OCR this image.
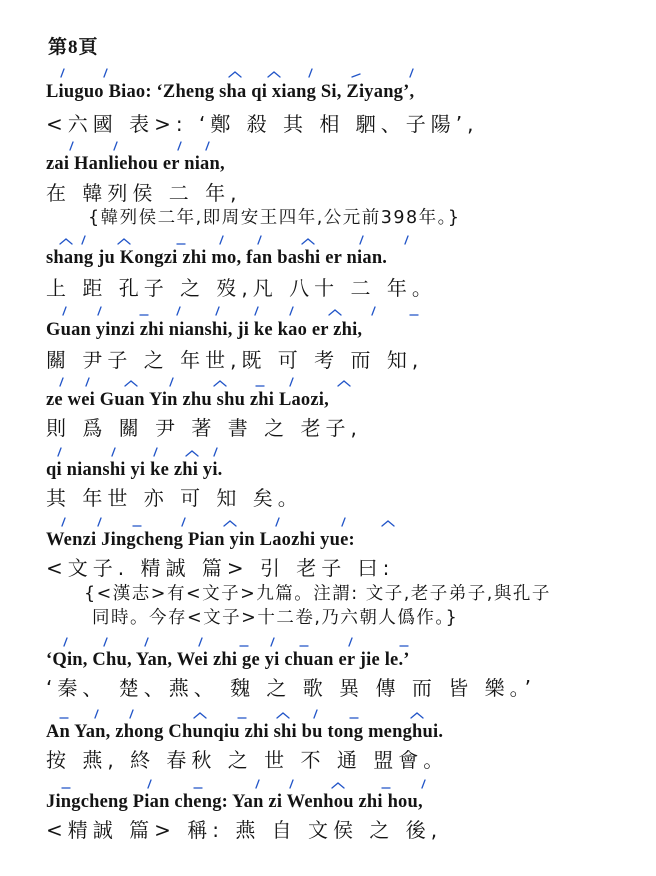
第8頁
Liuguo Biao: ‘Zheng sha qi xiang Si, Ziyang’,
<六國 表>: ‘鄭 殺 其 相 駟、子陽’,
zai Hanliehou er nian,
在 韓列侯 二 年,
{韓列侯二年,即周安王四年,公元前398年。}
shang ju Kongzi zhi mo, fan bashi er nian.
上 距 孔子 之 歿,凡 八十 二 年。
Guan yinzi zhi nianshi, ji ke kao er zhi,
關 尹子 之 年世,既 可 考 而 知,
ze wei Guan Yin zhu shu zhi Laozi,
則 爲 關 尹 著 書 之 老子,
qi nianshi yi ke zhi yi.
其 年世 亦 可 知 矣。
Wenzi Jingcheng Pian yin Laozhi yue:
<文子. 精誠 篇> 引 老子 曰:
{<漢志>有<文子>九篇。注謂: 文子,老子弟子,與孔子
同時。今存<文子>十二卷,乃六朝人僞作。}
‘Qin, Chu, Yan, Wei zhi ge yi chuan er jie le.’
‘秦、 楚、燕、 魏 之 歌 異 傳 而 皆 樂。’
An Yan, zhong Chunqiu zhi shi bu tong menghui.
按 燕, 終 春秋 之 世 不 通 盟會。
Jingcheng Pian cheng: Yan zi Wenhou zhi hou,
<精誠 篇> 稱: 燕 自 文侯 之 後,
